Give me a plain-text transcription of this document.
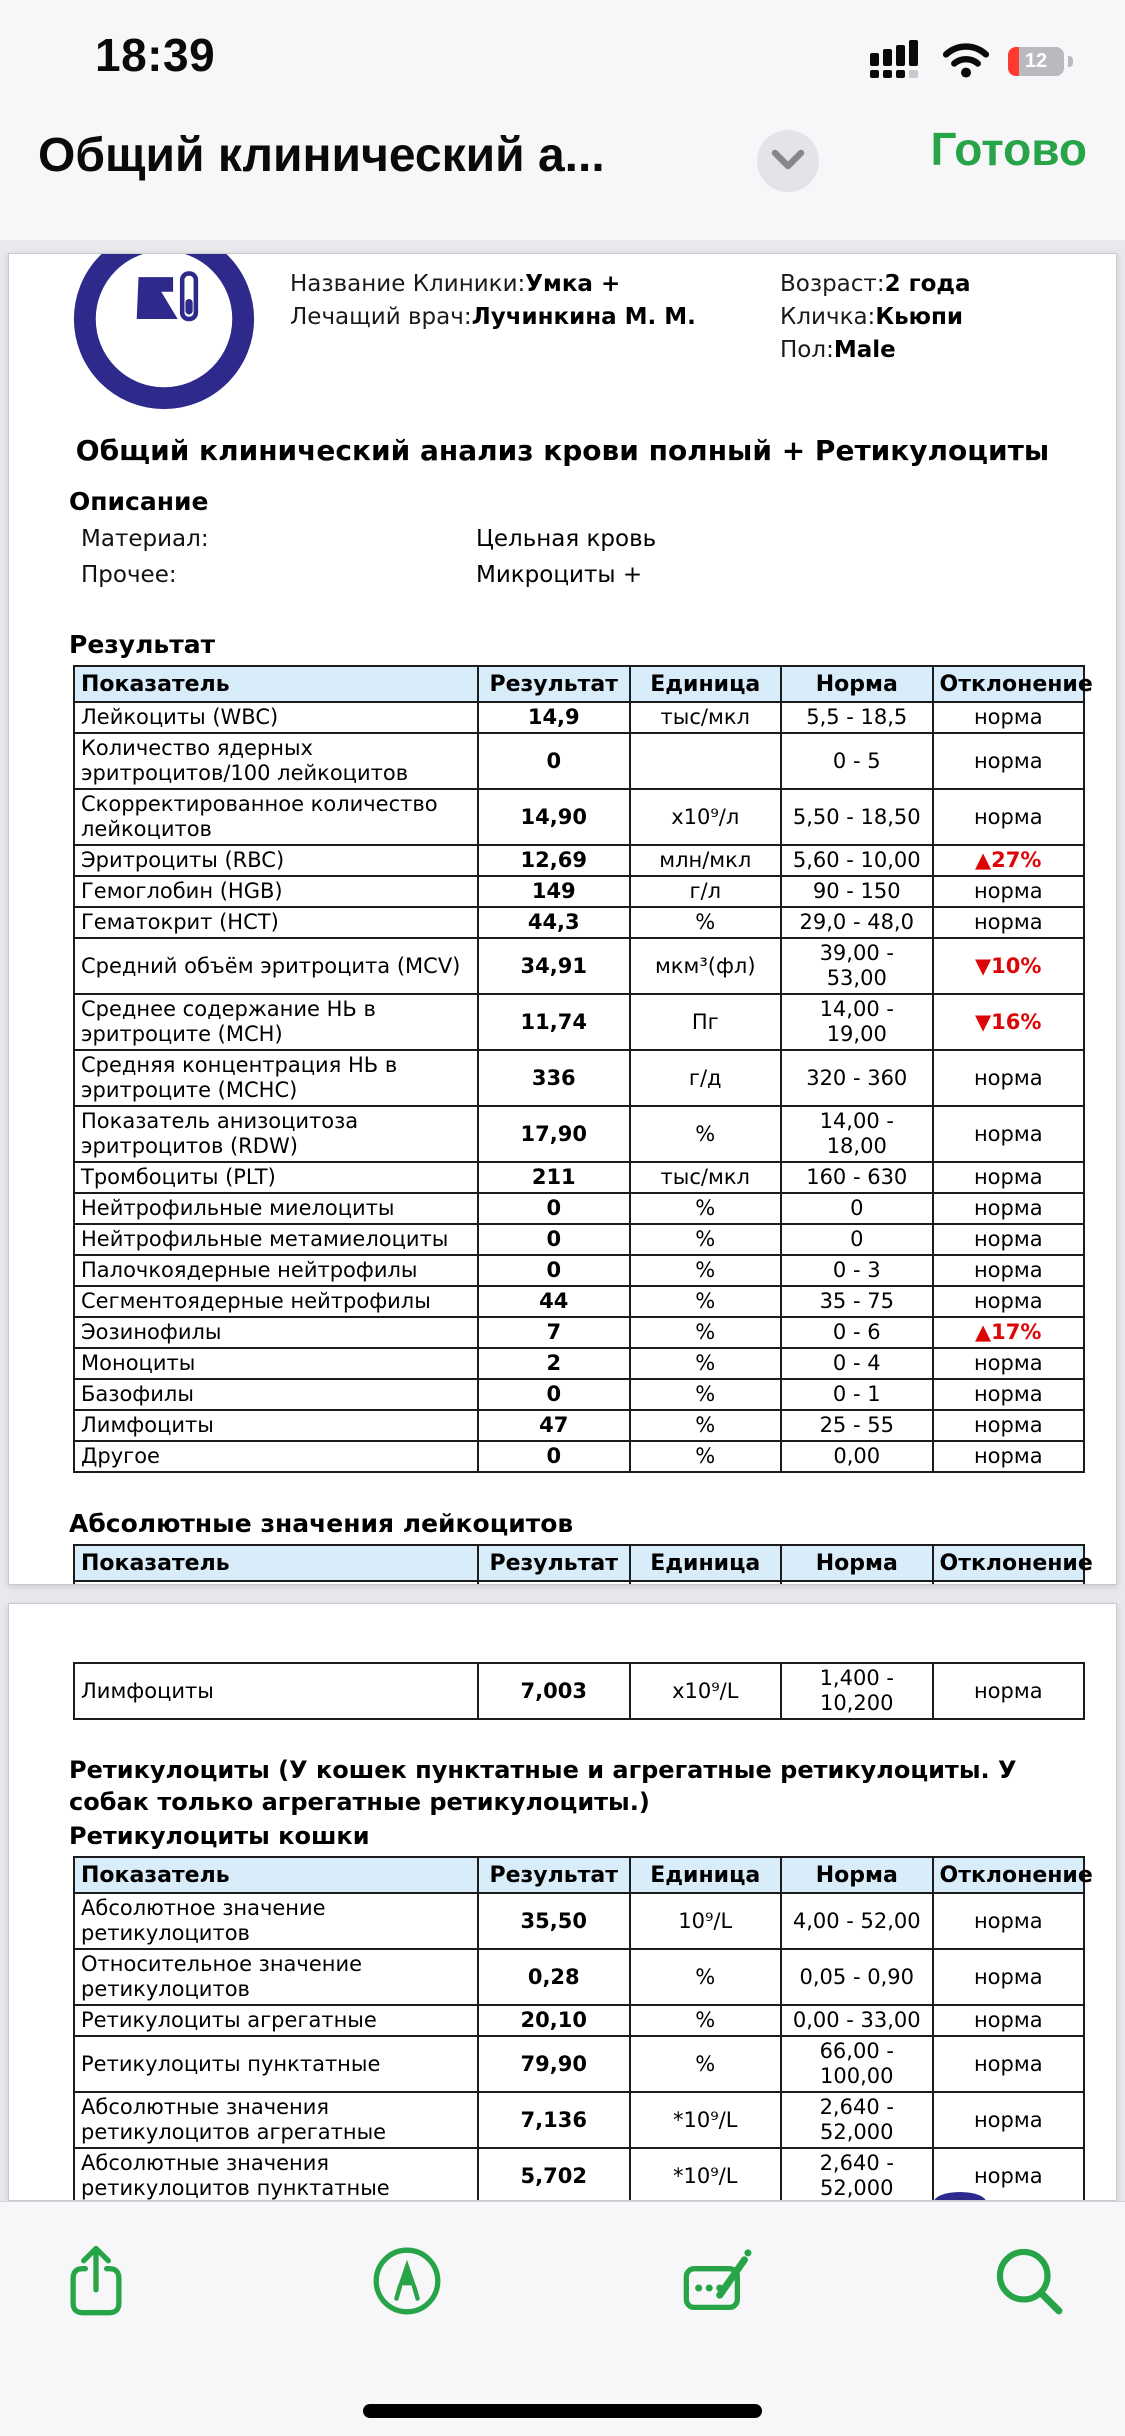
18:39	12
Общий клинический а...	Готово
ВЕТЛАБ
Название Клиники:Умка +
Лечащий врач:Лучинкина М. М.
Возраст:2 года
Кличка:Кьюпи
Пол:Male
Общий клинический анализ крови полный + Ретикулоциты
Описание
Материал:	Цельная кровь
Прочее:	Микроциты +
Результат
Показатель	Результат	Единица	Норма	Отклонение
Лейкоциты (WBC)	14,9	тыс/мкл	5,5 - 18,5	норма
Количество ядерных эритроцитов/100 лейкоцитов	0		0 - 5	норма
Скорректированное количество лейкоцитов	14,90	х10⁹/л	5,50 - 18,50	норма
Эритроциты (RBC)	12,69	млн/мкл	5,60 - 10,00	▲27%
Гемоглобин (HGB)	149	г/л	90 - 150	норма
Гематокрит (HCT)	44,3	%	29,0 - 48,0	норма
Средний объём эритроцита (MCV)	34,91	мкм³(фл)	39,00 - 53,00	▼10%
Среднее содержание НЬ в эритроците (MCH)	11,74	Пг	14,00 - 19,00	▼16%
Средняя концентрация НЬ в эритроците (MCHC)	336	г/д	320 - 360	норма
Показатель анизоцитоза эритроцитов (RDW)	17,90	%	14,00 - 18,00	норма
Тромбоциты (PLT)	211	тыс/мкл	160 - 630	норма
Нейтрофильные миелоциты	0	%	0	норма
Нейтрофильные метамиелоциты	0	%	0	норма
Палочкоядерные нейтрофилы	0	%	0 - 3	норма
Сегментоядерные нейтрофилы	44	%	35 - 75	норма
Эозинофилы	7	%	0 - 6	▲17%
Моноциты	2	%	0 - 4	норма
Базофилы	0	%	0 - 1	норма
Лимфоциты	47	%	25 - 55	норма
Другое	0	%	0,00	норма
Абсолютные значения лейкоцитов
Показатель	Результат	Единица	Норма	Отклонение

Лимфоциты	7,003	х10⁹/L	1,400 - 10,200	норма
Ретикулоциты (У кошек пунктатные и агрегатные ретикулоциты. У собак только агрегатные ретикулоциты.)
Ретикулоциты кошки
Показатель	Результат	Единица	Норма	Отклонение
Абсолютное значение ретикулоцитов	35,50	10⁹/L	4,00 - 52,00	норма
Относительное значение ретикулоцитов	0,28	%	0,05 - 0,90	норма
Ретикулоциты агрегатные	20,10	%	0,00 - 33,00	норма
Ретикулоциты пунктатные	79,90	%	66,00 - 100,00	норма
Абсолютные значения ретикулоцитов агрегатные	7,136	*10⁹/L	2,640 - 52,000	норма
Абсолютные значения ретикулоцитов пунктатные	5,702	*10⁹/L	2,640 - 52,000	норма
